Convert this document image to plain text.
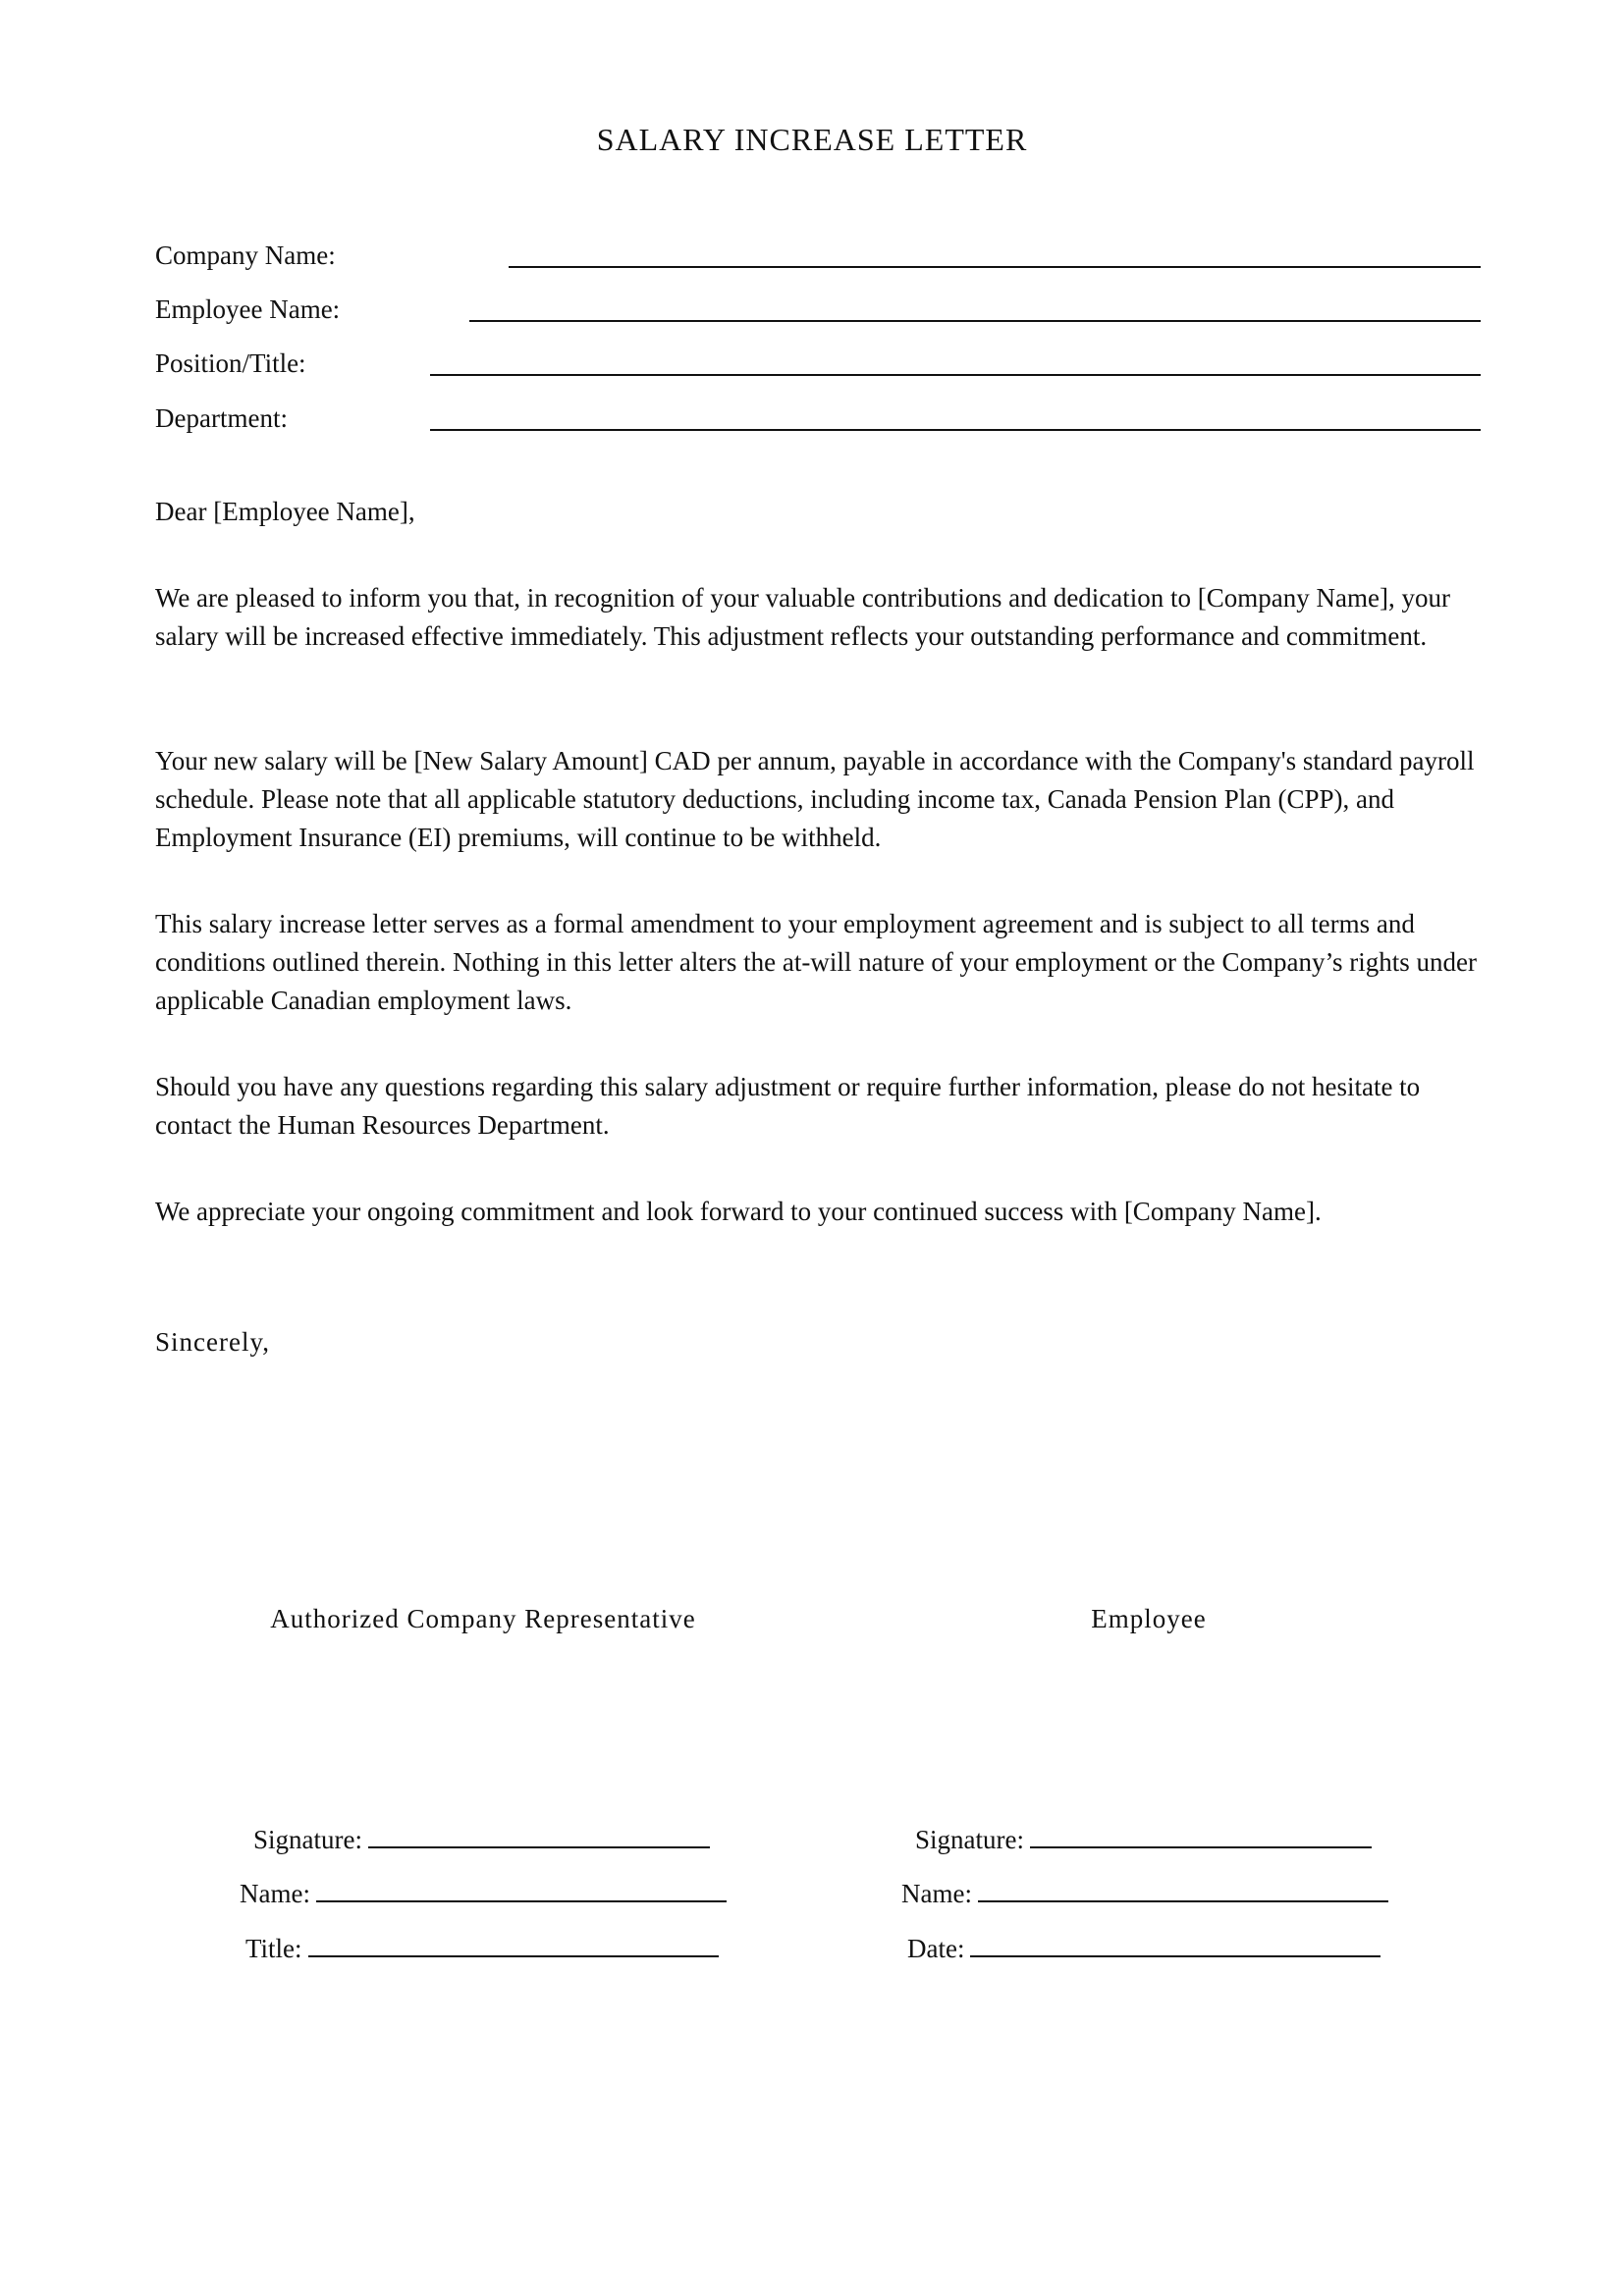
SALARY INCREASE LETTER
Company Name:
Employee Name:
Position/Title:
Department:

Dear [Employee Name],

We are pleased to inform you that, in recognition of your valuable contributions and dedication to [Company Name], your salary will be increased effective immediately. This adjustment reflects your outstanding performance and commitment.

Your new salary will be [New Salary Amount] CAD per annum, payable in accordance with the Company's standard payroll schedule. Please note that all applicable statutory deductions, including income tax, Canada Pension Plan (CPP), and Employment Insurance (EI) premiums, will continue to be withheld.

This salary increase letter serves as a formal amendment to your employment agreement and is subject to all terms and conditions outlined therein. Nothing in this letter alters the at-will nature of your employment or the Company’s rights under applicable Canadian employment laws.

Should you have any questions regarding this salary adjustment or require further information, please do not hesitate to contact the Human Resources Department.

We appreciate your ongoing commitment and look forward to your continued success with [Company Name].

Sincerely,
Authorized Company Representative	Employee
Signature:
Name:
Title:
Signature:
Name:
Date:
